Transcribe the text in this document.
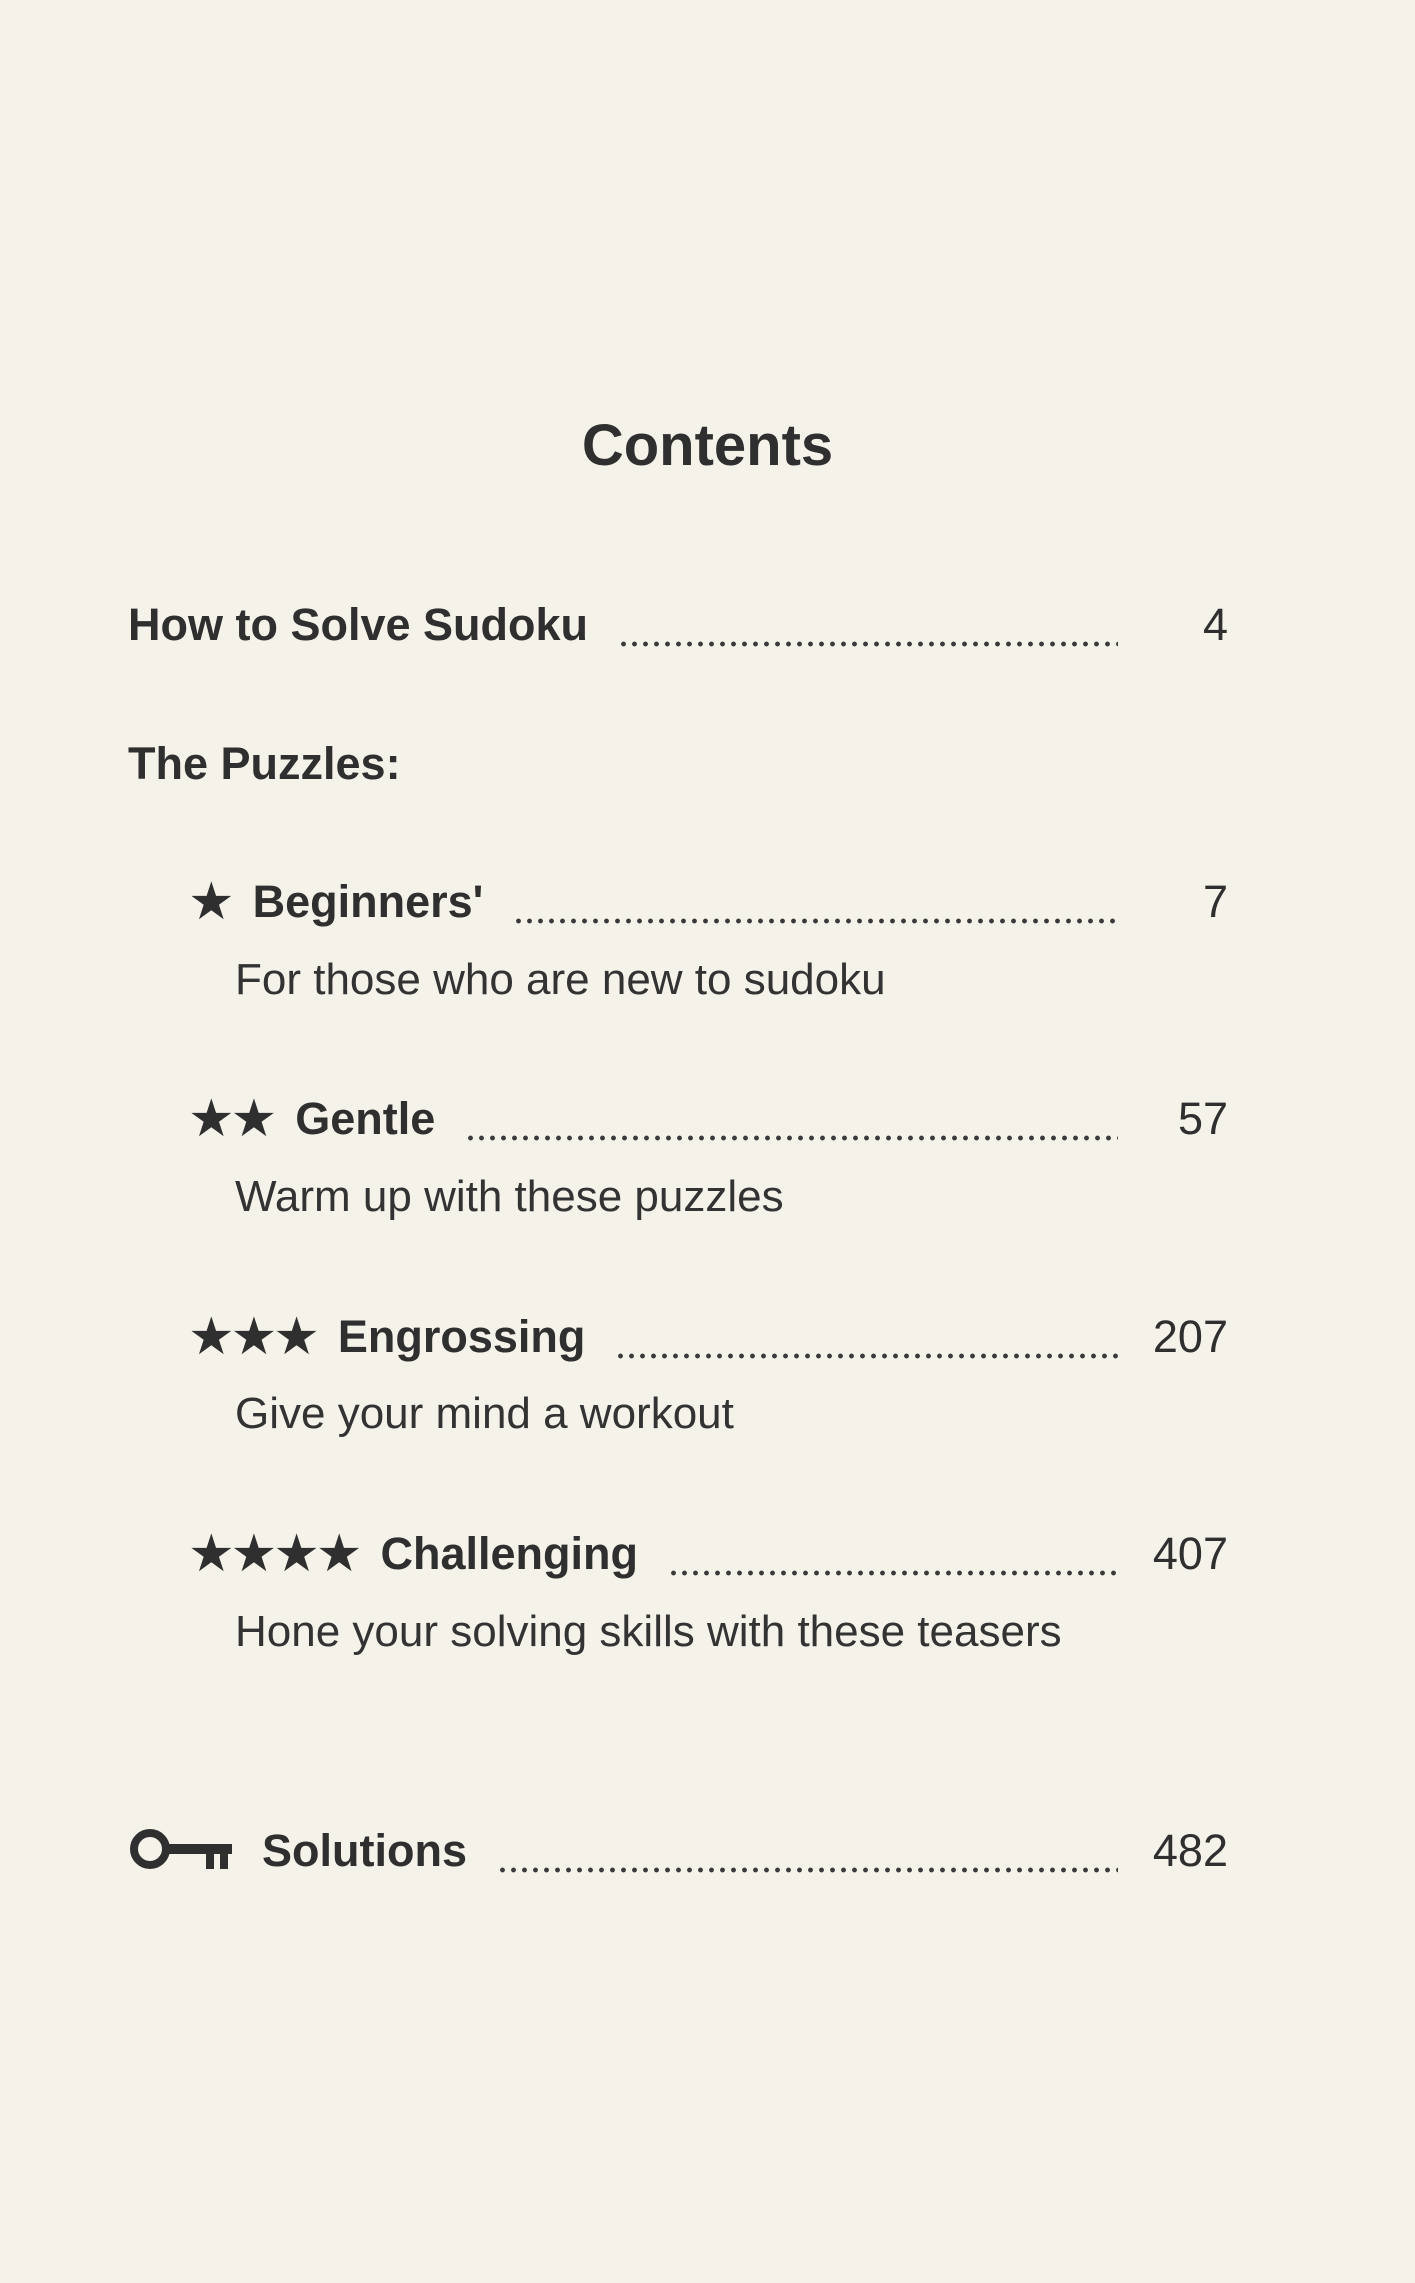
Contents
How to Solve Sudoku	4
The Puzzles:
★ Beginners'	7
For those who are new to sudoku
★★ Gentle	57
Warm up with these puzzles
★★★ Engrossing	207
Give your mind a workout
★★★★ Challenging	407
Hone your solving skills with these teasers
Solutions	482
